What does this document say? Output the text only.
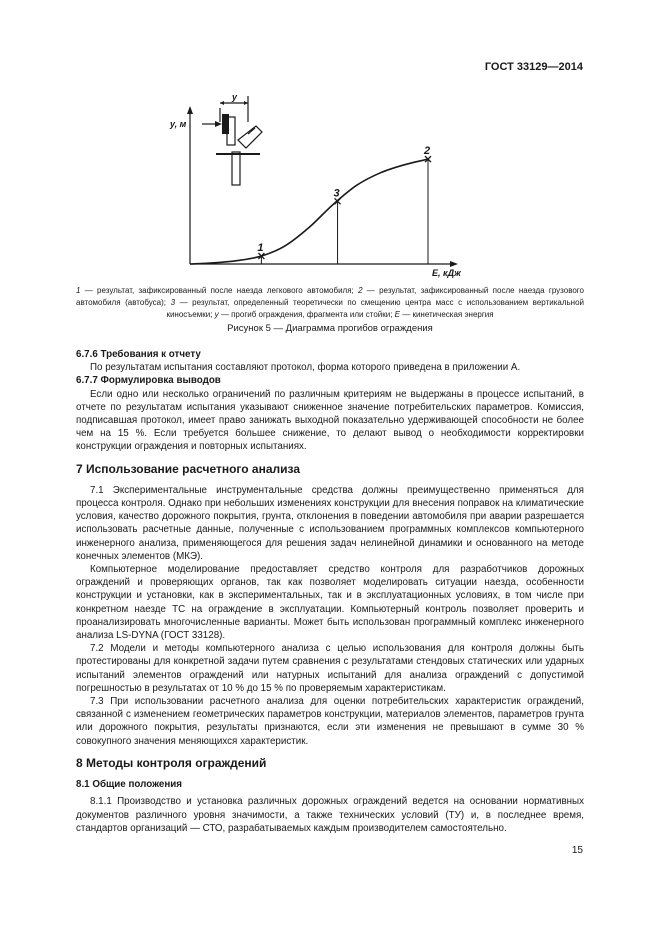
ГОСТ 33129—2014
y, м
E, кДж
1
3
2
y
1 — результат, зафиксированный после наезда легкового автомобиля; 2 — результат, зафиксированный после наезда грузового автомобиля (автобуса); 3 — результат, определенный теоретически по смещению центра масс с использованием вертикальной киносъемки; у — прогиб ограждения, фрагмента или стойки; Е — кинетическая энергия
Рисунок 5 — Диаграмма прогибов ограждения

6.7.6 Требования к отчету

По результатам испытания составляют протокол, форма которого приведена в приложении А.

6.7.7 Формулировка выводов

Если одно или несколько ограничений по различным критериям не выдержаны в процессе испытаний, в отчете по результатам испытания указывают сниженное значение потребительских параметров. Комиссия, подписавшая протокол, имеет право занижать выходной показательно удерживающей способности не более чем на 15 %. Если требуется большее снижение, то делают вывод о необходимости корректировки конструкции ограждения и повторных испытаниях.

7 Использование расчетного анализа

7.1 Экспериментальные инструментальные средства должны преимущественно применяться для процесса контроля. Однако при небольших изменениях конструкции для внесения поправок на климатические условия, качество дорожного покрытия, грунта, отклонения в поведении автомобиля при аварии разрешается использовать расчетные данные, полученные с использованием программных комплексов компьютерного инженерного анализа, применяющегося для решения задач нелинейной динамики и основанного на методе конечных элементов (МКЭ).

Компьютерное моделирование предоставляет средство контроля для разработчиков дорожных ограждений и проверяющих органов, так как позволяет моделировать ситуации наезда, особенности конструкции и установки, как в экспериментальных, так и в эксплуатационных условиях, в том числе при конкретном наезде ТС на ограждение в эксплуатации. Компьютерный контроль позволяет проверить и проанализировать многочисленные варианты. Может быть использован программный комплекс инженерного анализа LS-DYNA (ГОСТ 33128).

7.2 Модели и методы компьютерного анализа с целью использования для контроля должны быть протестированы для конкретной задачи путем сравнения с результатами стендовых статических или ударных испытаний элементов ограждений или натурных испытаний для анализа ограждений с допустимой погрешностью в результатах от 10 % до 15 % по проверяемым характеристикам.

7.3 При использовании расчетного анализа для оценки потребительских характеристик ограждений, связанной с изменением геометрических параметров конструкции, материалов элементов, параметров грунта или дорожного покрытия, результаты признаются, если эти изменения не превышают в сумме 30 % совокупного значения меняющихся характеристик.

8 Методы контроля ограждений

8.1 Общие положения

8.1.1 Производство и установка различных дорожных ограждений ведется на основании нормативных документов различного уровня значимости, а также технических условий (ТУ) и, в последнее время, стандартов организаций — СТО, разрабатываемых каждым производителем самостоятельно.

15
